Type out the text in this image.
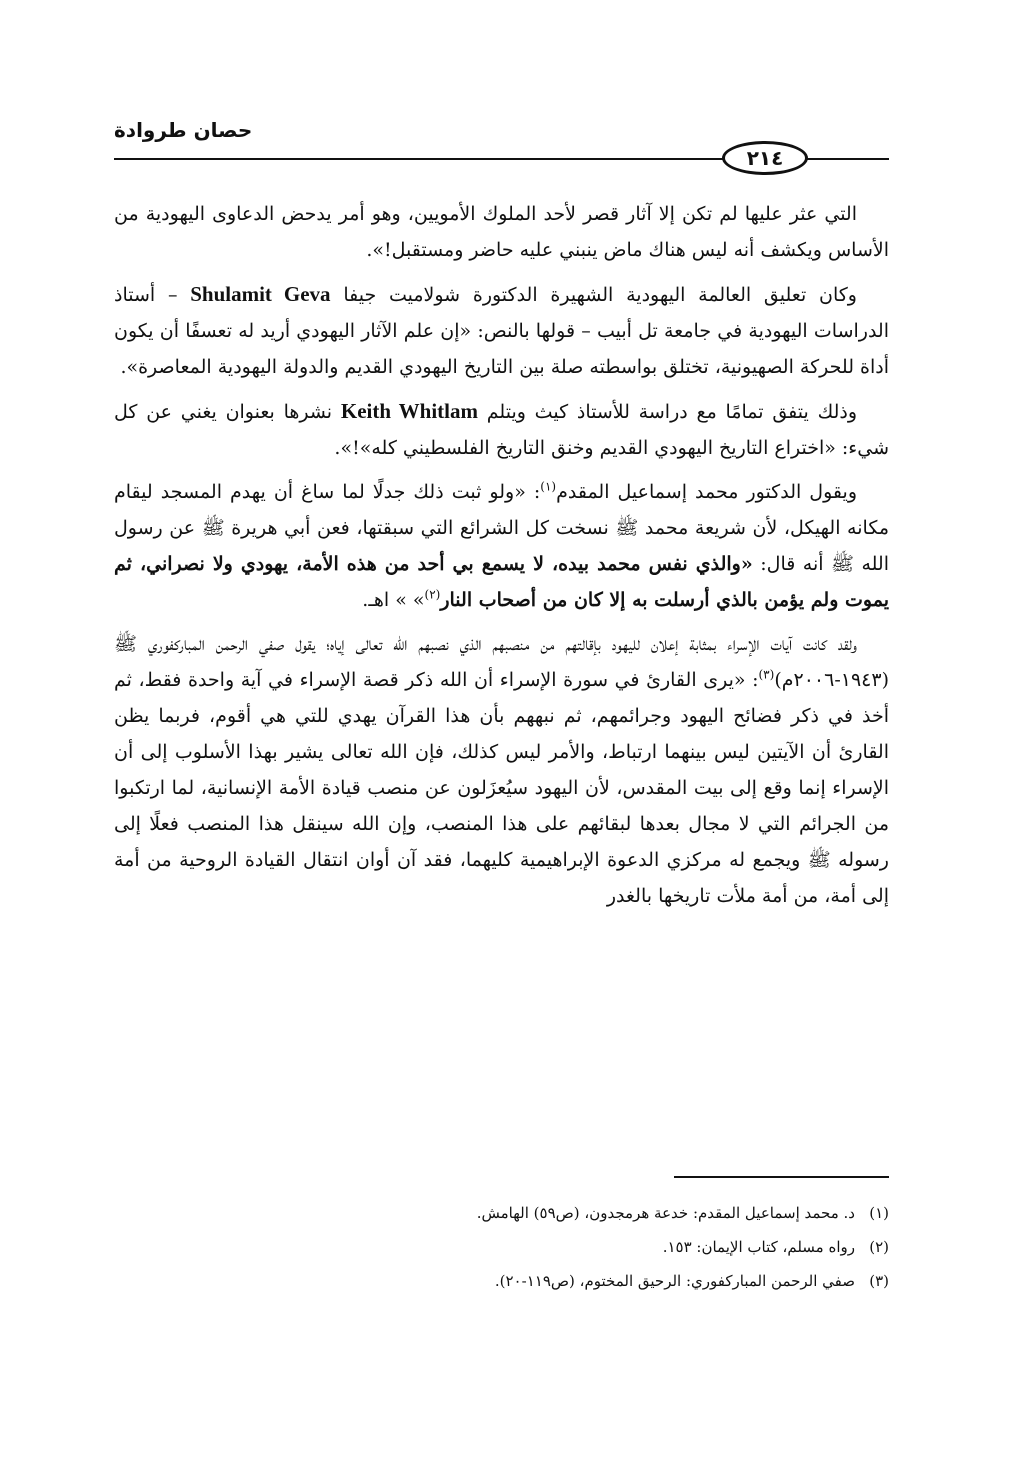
حصان طروادة
٢١٤

التي عثر عليها لم تكن إلا آثار قصر لأحد الملوك الأمويين، وهو أمر يدحض الدعاوى اليهودية من الأساس ويكشف أنه ليس هناك ماض ينبني عليه حاضر ومستقبل!».

وكان تعليق العالمة اليهودية الشهيرة الدكتورة شولاميت جيفا Shulamit Geva – أستاذ الدراسات اليهودية في جامعة تل أبيب – قولها بالنص: «إن علم الآثار اليهودي أريد له تعسفًا أن يكون أداة للحركة الصهيونية، تختلق بواسطته صلة بين التاريخ اليهودي القديم والدولة اليهودية المعاصرة».

وذلك يتفق تمامًا مع دراسة للأستاذ كيث ويتلم Keith Whitlam نشرها بعنوان يغني عن كل شيء: «اختراع التاريخ اليهودي القديم وخنق التاريخ الفلسطيني كله»!».

ويقول الدكتور محمد إسماعيل المقدم$^{(١)}$: «ولو ثبت ذلك جدلًا لما ساغ أن يهدم المسجد ليقام مكانه الهيكل، لأن شريعة محمد ﷺ نسخت كل الشرائع التي سبقتها، فعن أبي هريرة ﷺ عن رسول الله ﷺ أنه قال: «والذي نفس محمد بيده، لا يسمع بي أحد من هذه الأمة، يهودي ولا نصراني، ثم يموت ولم يؤمن بالذي أرسلت به إلا كان من أصحاب النار$^{(٢)}$» » اهـ.

ولقد كانت آيات الإسراء بمثابة إعلان لليهود بإقالتهم من منصبهم الذي نصبهم الله تعالى إياه؛ يقول صفي الرحمن المباركفوري ﷺ (١٩٤٣-٢٠٠٦م)$^{(٣)}$: «يرى القارئ في سورة الإسراء أن الله ذكر قصة الإسراء في آية واحدة فقط، ثم أخذ في ذكر فضائح اليهود وجرائمهم، ثم نبههم بأن هذا القرآن يهدي للتي هي أقوم، فربما يظن القارئ أن الآيتين ليس بينهما ارتباط، والأمر ليس كذلك، فإن الله تعالى يشير بهذا الأسلوب إلى أن الإسراء إنما وقع إلى بيت المقدس، لأن اليهود سيُعزَلون عن منصب قيادة الأمة الإنسانية، لما ارتكبوا من الجرائم التي لا مجال بعدها لبقائهم على هذا المنصب، وإن الله سينقل هذا المنصب فعلًا إلى رسوله ﷺ ويجمع له مركزي الدعوة الإبراهيمية كليهما، فقد آن أوان انتقال القيادة الروحية من أمة إلى أمة، من أمة ملأت تاريخها بالغدر

(١)د. محمد إسماعيل المقدم: خدعة هرمجدون، (ص٥٩) الهامش.
(٢)رواه مسلم، كتاب الإيمان: ١٥٣.
(٣)صفي الرحمن المباركفوري: الرحيق المختوم، (ص١١٩-٢٠).
